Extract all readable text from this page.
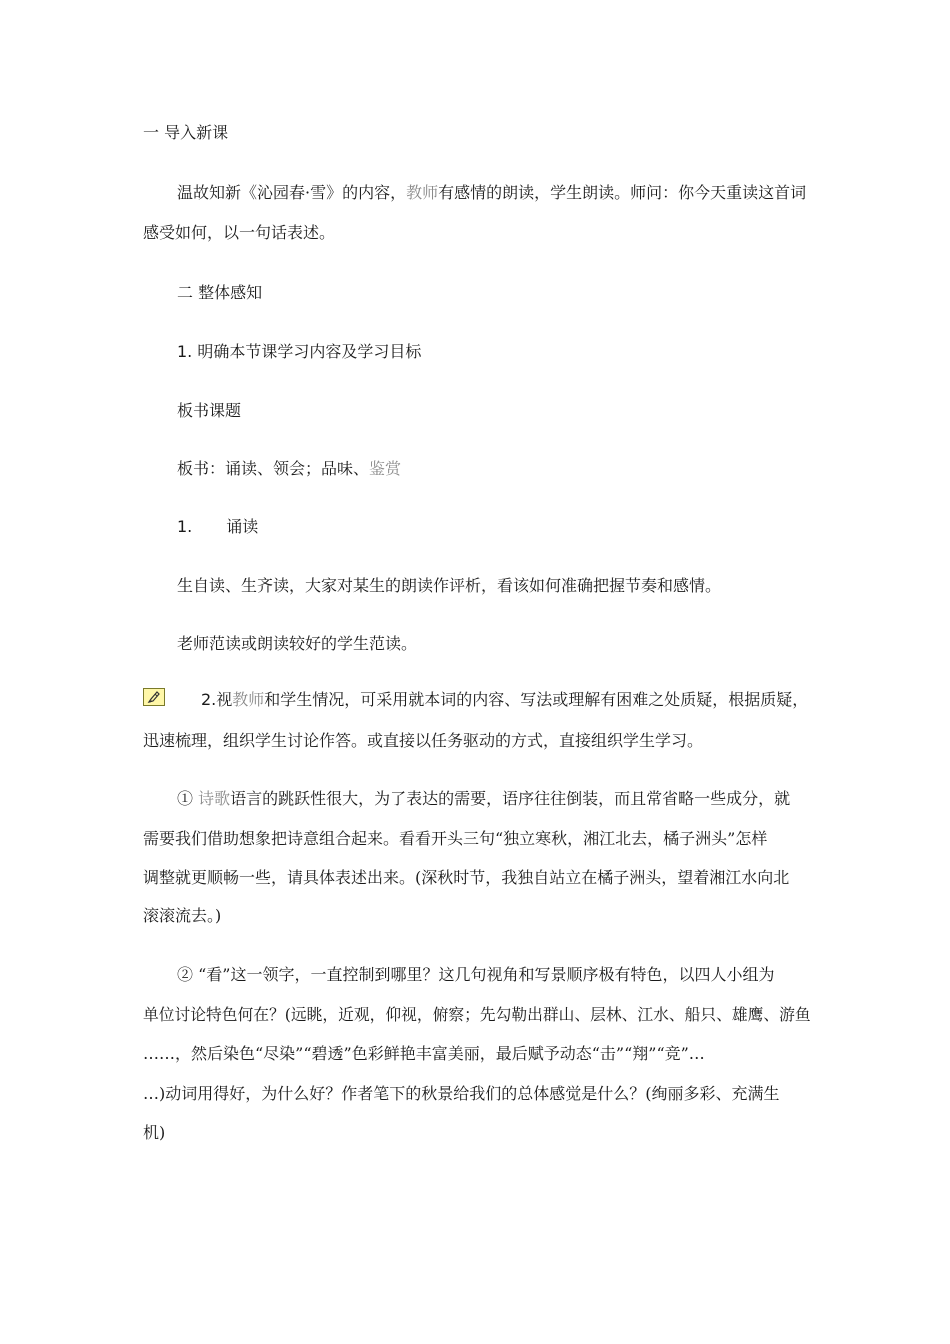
一 导入新课
温故知新《沁园春·雪》的内容，教师有感情的朗读，学生朗读。师问：你今天重读这首词
感受如何，以一句话表述。
二 整体感知
1. 明确本节课学习内容及学习目标
板书课题
板书：诵读、领会；品味、鉴赏
1. 诵读
生自读、生齐读，大家对某生的朗读作评析，看该如何准确把握节奏和感情。
老师范读或朗读较好的学生范读。
2.视教师和学生情况，可采用就本词的内容、写法或理解有困难之处质疑，根据质疑，
迅速梳理，组织学生讨论作答。或直接以任务驱动的方式，直接组织学生学习。
① 诗歌语言的跳跃性很大，为了表达的需要，语序往往倒装，而且常省略一些成分，就
需要我们借助想象把诗意组合起来。看看开头三句“独立寒秋，湘江北去，橘子洲头”怎样
调整就更顺畅一些，请具体表述出来。(深秋时节，我独自站立在橘子洲头，望着湘江水向北
滚滚流去。)
② “看”这一领字，一直控制到哪里？这几句视角和写景顺序极有特色，以四人小组为
单位讨论特色何在？(远眺，近观，仰视，俯察；先勾勒出群山、层林、江水、船只、雄鹰、游鱼
……，然后染色“尽染”“碧透”色彩鲜艳丰富美丽，最后赋予动态“击”“翔”“竞”…
…)动词用得好，为什么好？作者笔下的秋景给我们的总体感觉是什么？(绚丽多彩、充满生
机)
